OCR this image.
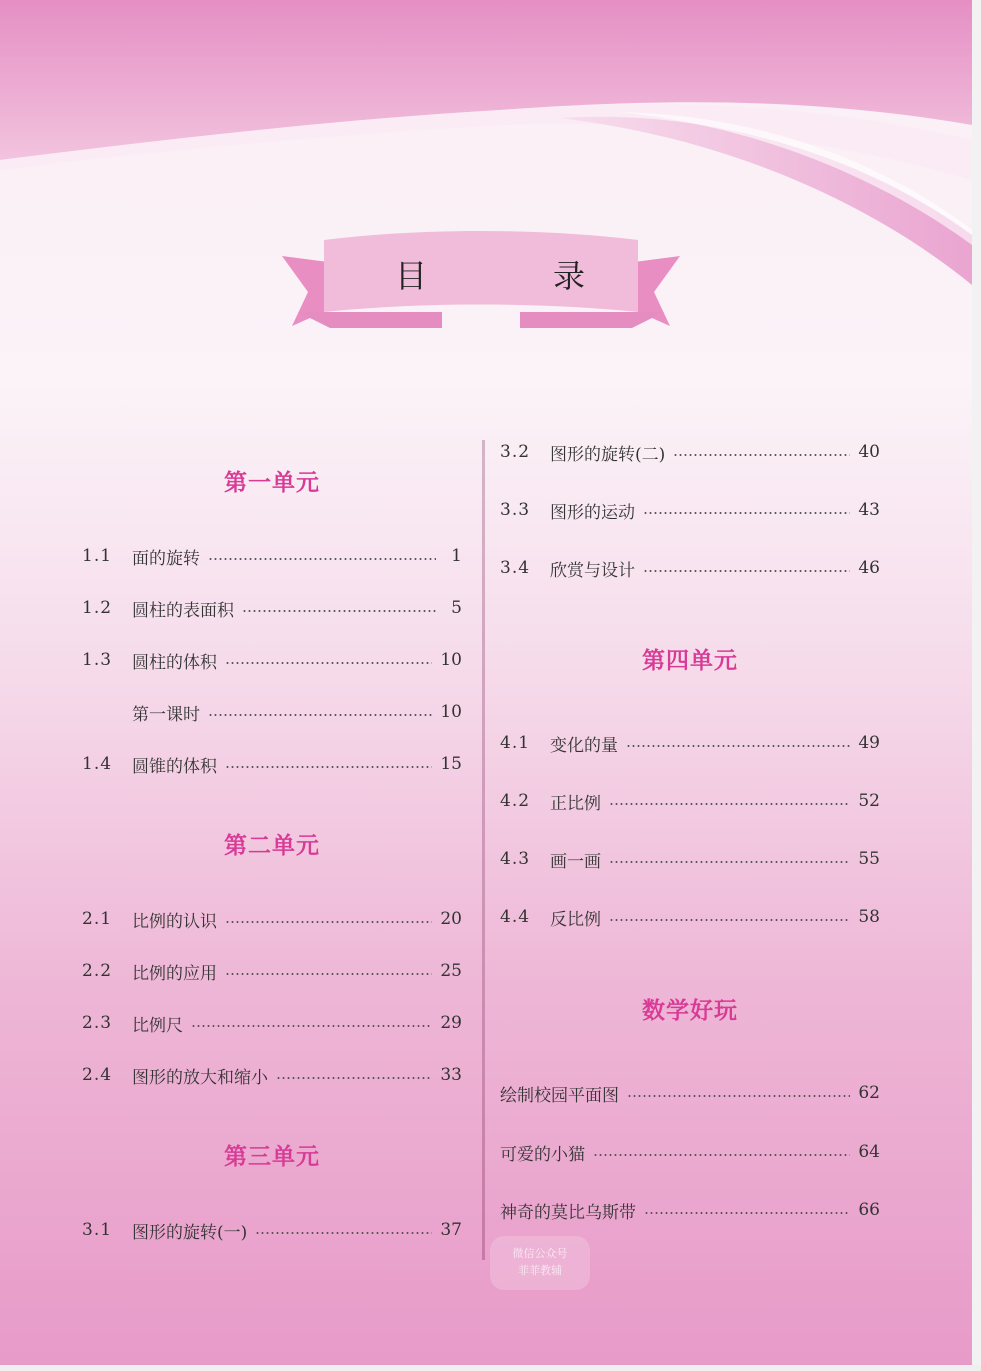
目	录
第一单元
1.1	面的旋转	1
1.2	圆柱的表面积	5
1.3	圆柱的体积	10
第一课时	10
1.4	圆锥的体积	15
第二单元
2.1	比例的认识	20
2.2	比例的应用	25
2.3	比例尺	29
2.4	图形的放大和缩小	33
第三单元
3.1	图形的旋转(一)	37
3.2	图形的旋转(二)	40
3.3	图形的运动	43
3.4	欣赏与设计	46
第四单元
4.1	变化的量	49
4.2	正比例	52
4.3	画一画	55
4.4	反比例	58
数学好玩
绘制校园平面图	62
可爱的小猫	64
神奇的莫比乌斯带	66
微信公众号
菲菲教辅
